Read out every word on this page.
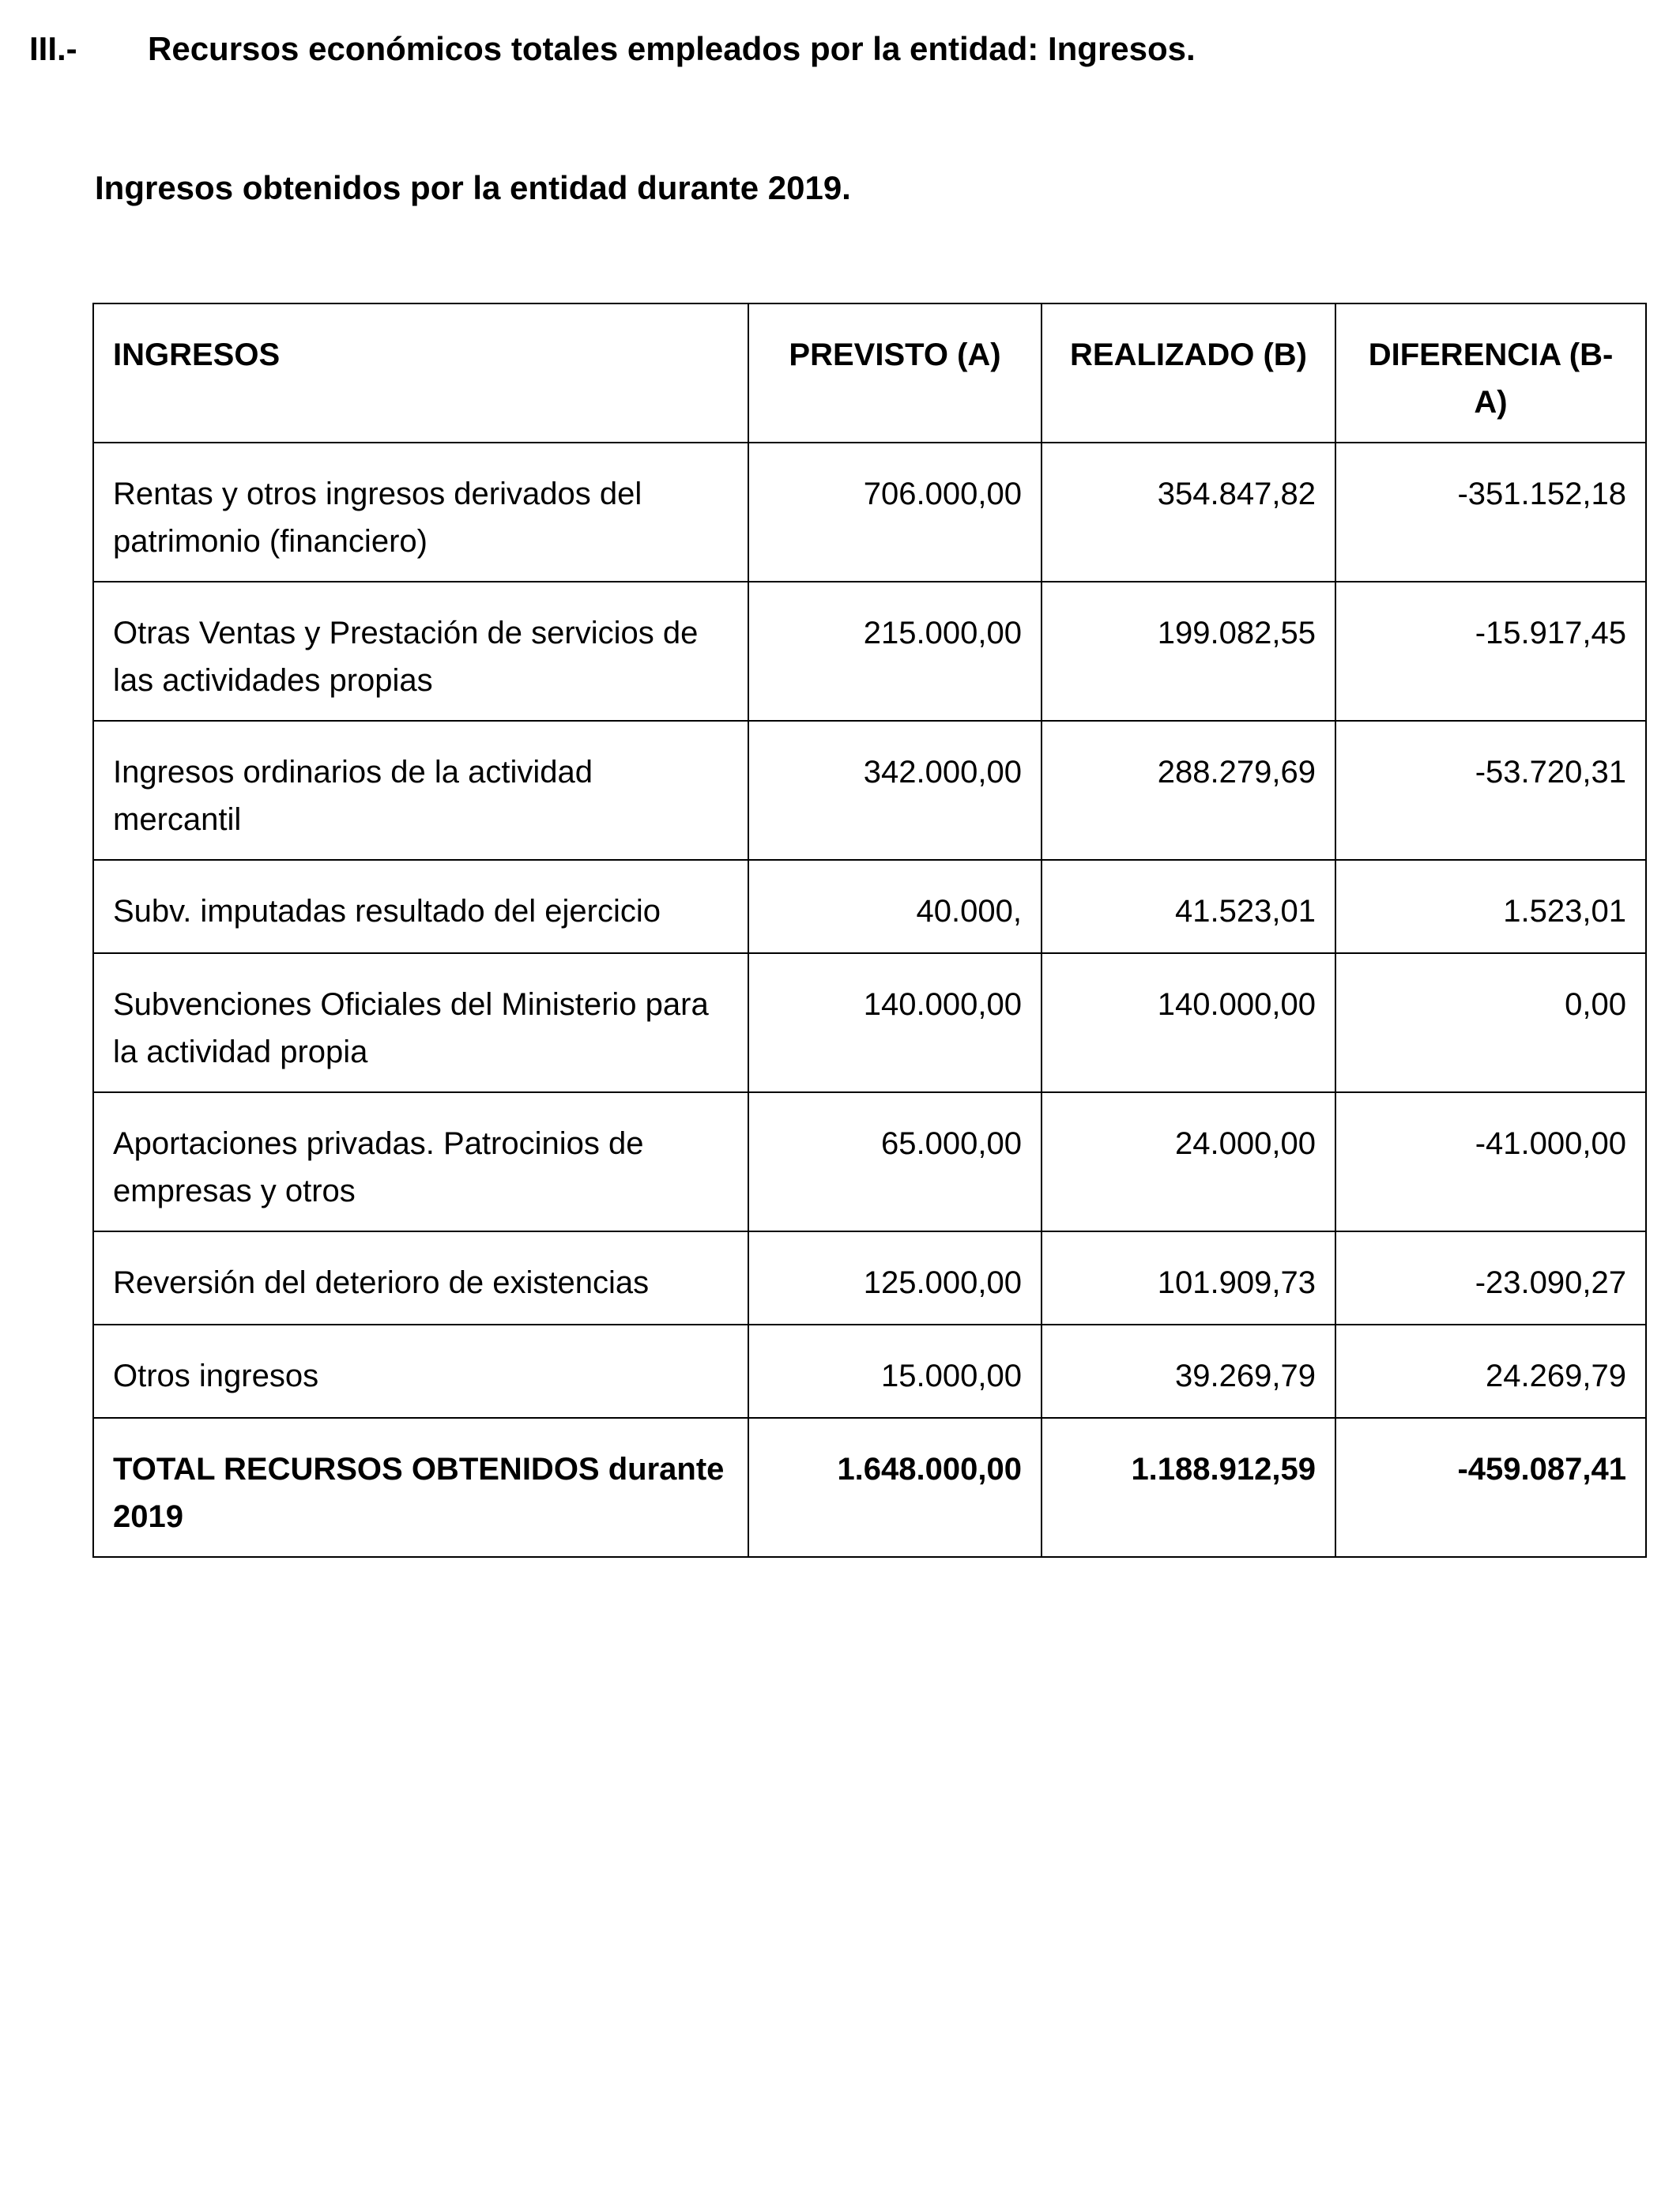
III.- Recursos económicos totales empleados por la entidad: Ingresos.
Ingresos obtenidos por la entidad durante 2019.
INGRESOS	PREVISTO (A)	REALIZADO (B)	DIFERENCIA (B-A)
Rentas y otros ingresos derivados del patrimonio (financiero)	706.000,00	354.847,82	-351.152,18
Otras Ventas y Prestación de servicios de las actividades propias	215.000,00	199.082,55	-15.917,45
Ingresos ordinarios de la actividad mercantil	342.000,00	288.279,69	-53.720,31
Subv. imputadas resultado del ejercicio	40.000,	41.523,01	1.523,01
Subvenciones Oficiales del Ministerio para la actividad propia	140.000,00	140.000,00	0,00
Aportaciones privadas. Patrocinios de empresas y otros	65.000,00	24.000,00	-41.000,00
Reversión del deterioro de existencias	125.000,00	101.909,73	-23.090,27
Otros ingresos	15.000,00	39.269,79	24.269,79
TOTAL RECURSOS OBTENIDOS durante 2019	1.648.000,00	1.188.912,59	-459.087,41
